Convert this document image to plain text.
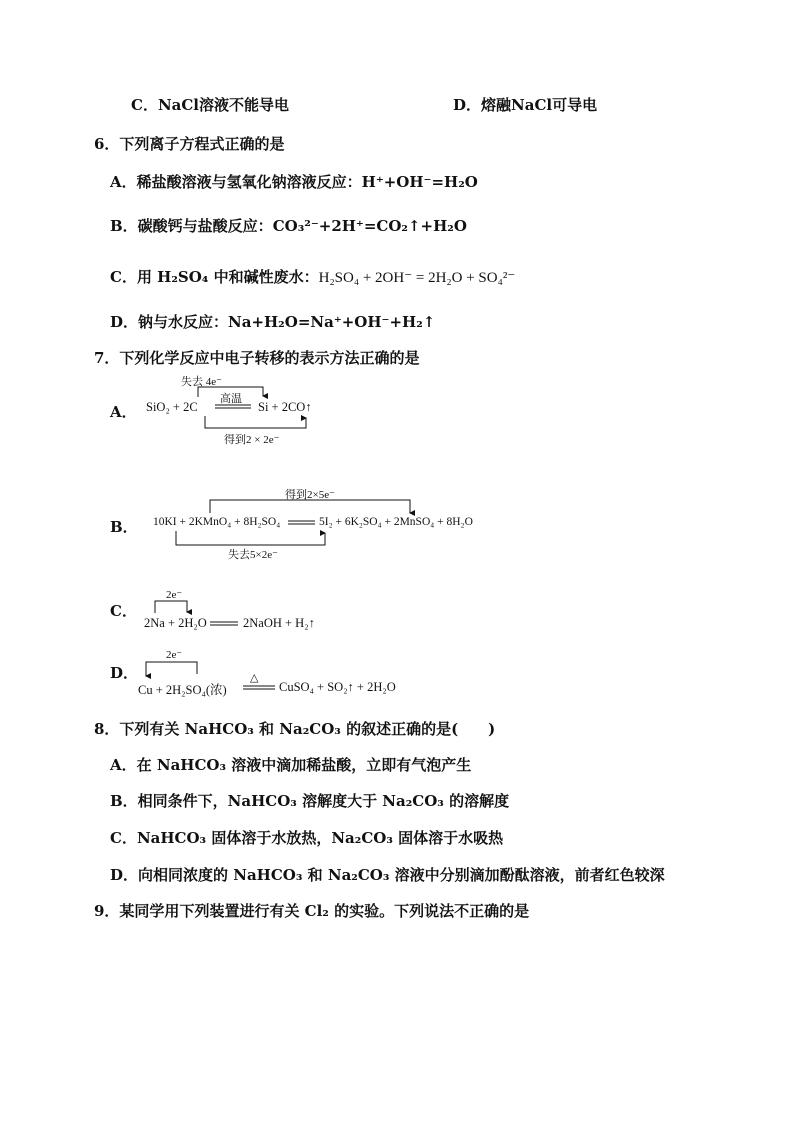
C．NaCl溶液不能导电	D．熔融NaCl可导电
6．下列离子方程式正确的是
A．稀盐酸溶液与氢氧化钠溶液反应：H⁺+OH⁻=H₂O
B．碳酸钙与盐酸反应：CO₃²⁻+2H⁺=CO₂↑+H₂O
C．用 H₂SO₄ 中和碱性废水：H₂SO₄ + 2OH⁻ = 2H₂O + SO₄²⁻
D．钠与水反应：Na+H₂O=Na⁺+OH⁻+H₂↑
7．下列化学反应中电子转移的表示方法正确的是
A．
失去 4e⁻
SiO₂ + 2C
高温
Si + 2CO↑
得到2 × 2e⁻
B．
得到2×5e⁻
10KI + 2KMnO₄ + 8H₂SO₄	5I₂ + 6K₂SO₄ + 2MnSO₄ + 8H₂O
失去5×2e⁻
C．
2e⁻
2Na + 2H₂O	2NaOH + H₂↑
D．
2e⁻
Cu + 2H₂SO₄(浓)
△
CuSO₄ + SO₂↑ + 2H₂O
8．下列有关 NaHCO₃ 和 Na₂CO₃ 的叙述正确的是(　　)
A．在 NaHCO₃ 溶液中滴加稀盐酸，立即有气泡产生
B．相同条件下，NaHCO₃ 溶解度大于 Na₂CO₃ 的溶解度
C．NaHCO₃ 固体溶于水放热，Na₂CO₃ 固体溶于水吸热
D．向相同浓度的 NaHCO₃ 和 Na₂CO₃ 溶液中分别滴加酚酞溶液，前者红色较深
9．某同学用下列装置进行有关 Cl₂ 的实验。下列说法不正确的是
